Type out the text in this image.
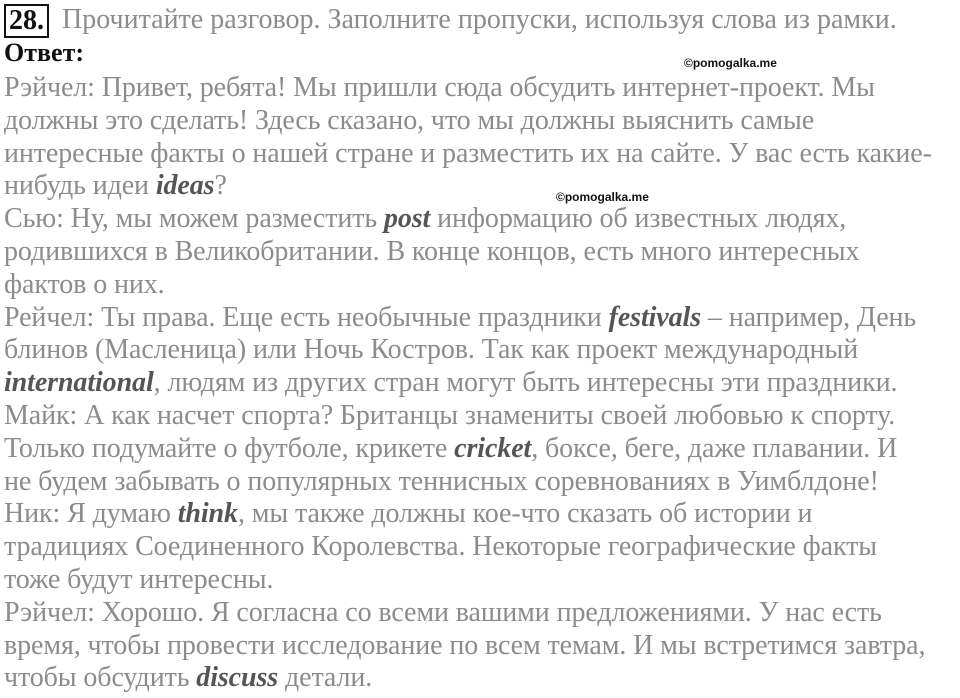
28. Прочитайте разговор. Заполните пропуски, используя слова из рамки.
Ответ:	©pomogalka.me
©pomogalka.me
Рэйчел: Привет, ребята! Мы пришли сюда обсудить интернет-проект. Мы
должны это сделать! Здесь сказано, что мы должны выяснить самые
интересные факты о нашей стране и разместить их на сайте. У вас есть какие-
нибудь идеи ideas?
Сью: Ну, мы можем разместить post информацию об известных людях,
родившихся в Великобритании. В конце концов, есть много интересных
фактов о них.
Рейчел: Ты права. Еще есть необычные праздники festivals – например, День
блинов (Масленица) или Ночь Костров. Так как проект международный
international, людям из других стран могут быть интересны эти праздники.
Майк: А как насчет спорта? Британцы знамениты своей любовью к спорту.
Только подумайте о футболе, крикете cricket, боксе, беге, даже плавании. И
не будем забывать о популярных теннисных соревнованиях в Уимблдоне!
Ник: Я думаю think, мы также должны кое-что сказать об истории и
традициях Соединенного Королевства. Некоторые географические факты
тоже будут интересны.
Рэйчел: Хорошо. Я согласна со всеми вашими предложениями. У нас есть
время, чтобы провести исследование по всем темам. И мы встретимся завтра,
чтобы обсудить discuss детали.
